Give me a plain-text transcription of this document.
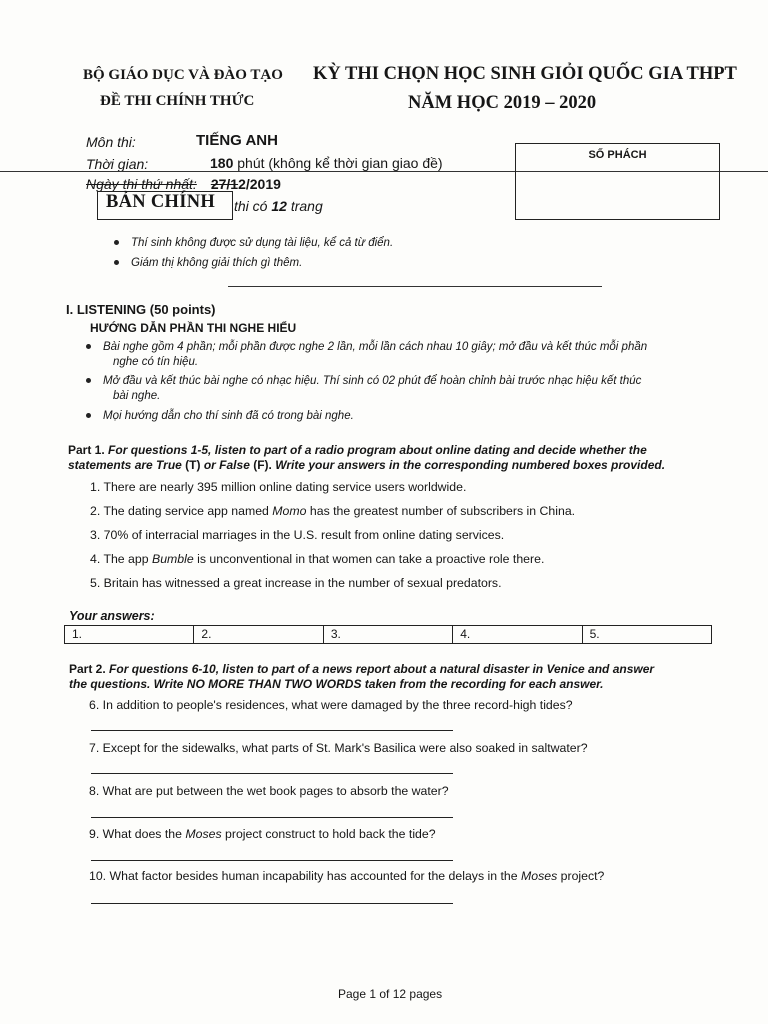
BỘ GIÁO DỤC VÀ ĐÀO TẠO
ĐỀ THI CHÍNH THỨC
KỲ THI CHỌN HỌC SINH GIỎI QUỐC GIA THPT
NĂM HỌC 2019 – 2020
Môn thi:	TIẾNG ANH
Thời gian:	180 phút (không kể thời gian giao đề)
Ngày thi thứ nhất: 27/12/2019
BẢN CHÍNH thi có 12 trang
SỐ PHÁCH
Thí sinh không được sử dụng tài liệu, kể cả từ điển.
Giám thị không giải thích gì thêm.
I. LISTENING (50 points)
HƯỚNG DẪN PHẦN THI NGHE HIỂU
Bài nghe gồm 4 phần; mỗi phần được nghe 2 lần, mỗi lần cách nhau 10 giây; mở đầu và kết thúc mỗi phần
nghe có tín hiệu.
Mở đầu và kết thúc bài nghe có nhạc hiệu. Thí sinh có 02 phút để hoàn chỉnh bài trước nhạc hiệu kết thúc
bài nghe.
Mọi hướng dẫn cho thí sinh đã có trong bài nghe.
Part 1. For questions 1-5, listen to part of a radio program about online dating and decide whether the
statements are True (T) or False (F). Write your answers in the corresponding numbered boxes provided.
1. There are nearly 395 million online dating service users worldwide.
2. The dating service app named Momo has the greatest number of subscribers in China.
3. 70% of interracial marriages in the U.S. result from online dating services.
4. The app Bumble is unconventional in that women can take a proactive role there.
5. Britain has witnessed a great increase in the number of sexual predators.
Your answers:
1.	2.	3.	4.	5.
Part 2. For questions 6-10, listen to part of a news report about a natural disaster in Venice and answer
the questions. Write NO MORE THAN TWO WORDS taken from the recording for each answer.
6. In addition to people's residences, what were damaged by the three record-high tides?
7. Except for the sidewalks, what parts of St. Mark's Basilica were also soaked in saltwater?
8. What are put between the wet book pages to absorb the water?
9. What does the Moses project construct to hold back the tide?
10. What factor besides human incapability has accounted for the delays in the Moses project?
Page 1 of 12 pages
